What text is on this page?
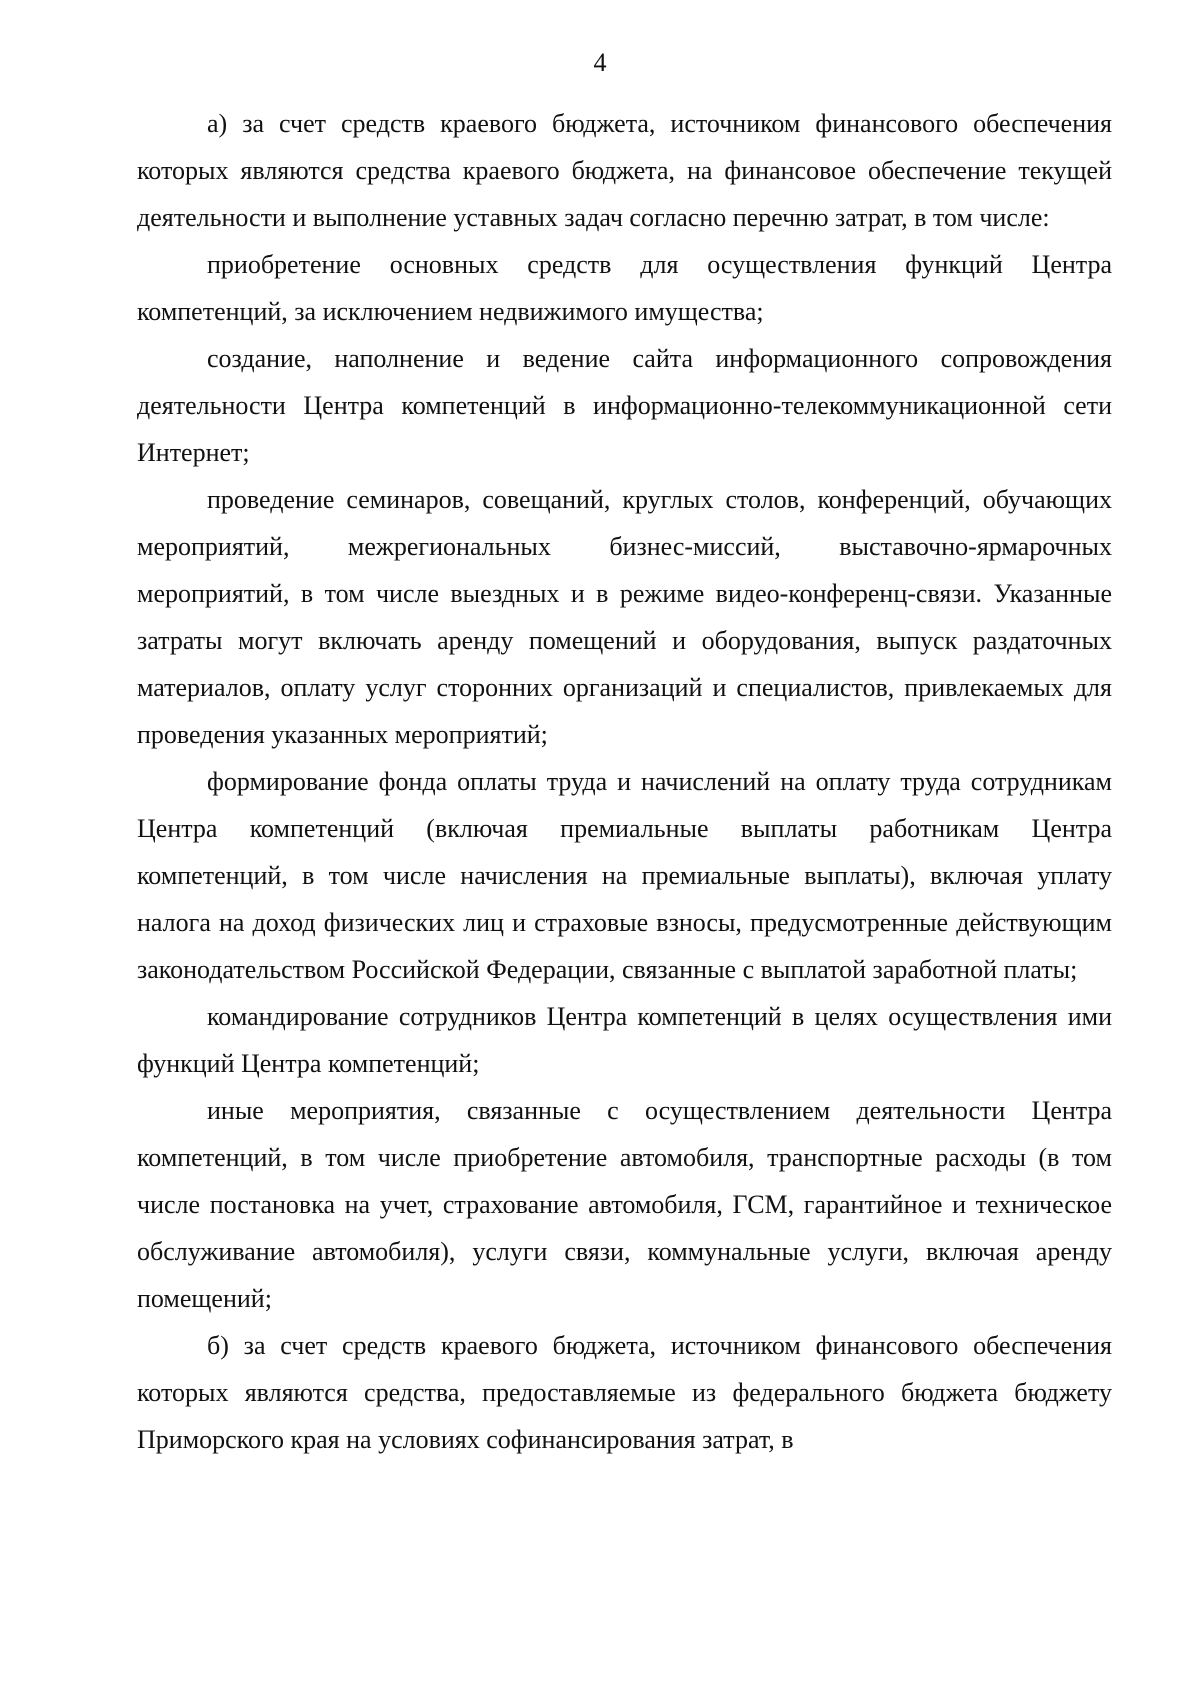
4

а) за счет средств краевого бюджета, источником финансового обеспечения которых являются средства краевого бюджета, на финансовое обеспечение текущей деятельности и выполнение уставных задач согласно перечню затрат, в том числе:

приобретение основных средств для осуществления функций Центра компетенций, за исключением недвижимого имущества;

создание, наполнение и ведение сайта информационного сопровождения деятельности Центра компетенций в информационно-телекоммуникационной сети Интернет;

проведение семинаров, совещаний, круглых столов, конференций, обучающих мероприятий, межрегиональных бизнес-миссий, выставочно-ярмарочных мероприятий, в том числе выездных и в режиме видео-конференц-связи. Указанные затраты могут включать аренду помещений и оборудования, выпуск раздаточных материалов, оплату услуг сторонних организаций и специалистов, привлекаемых для проведения указанных мероприятий;

формирование фонда оплаты труда и начислений на оплату труда сотрудникам Центра компетенций (включая премиальные выплаты работникам Центра компетенций, в том числе начисления на премиальные выплаты), включая уплату налога на доход физических лиц и страховые взносы, предусмотренные действующим законодательством Российской Федерации, связанные с выплатой заработной платы;

командирование сотрудников Центра компетенций в целях осуществления ими функций Центра компетенций;

иные мероприятия, связанные с осуществлением деятельности Центра компетенций, в том числе приобретение автомобиля, транспортные расходы (в том числе постановка на учет, страхование автомобиля, ГСМ, гарантийное и техническое обслуживание автомобиля), услуги связи, коммунальные услуги, включая аренду помещений;

б) за счет средств краевого бюджета, источником финансового обеспечения которых являются средства, предоставляемые из федерального бюджета бюджету Приморского края на условиях софинансирования затрат, в
